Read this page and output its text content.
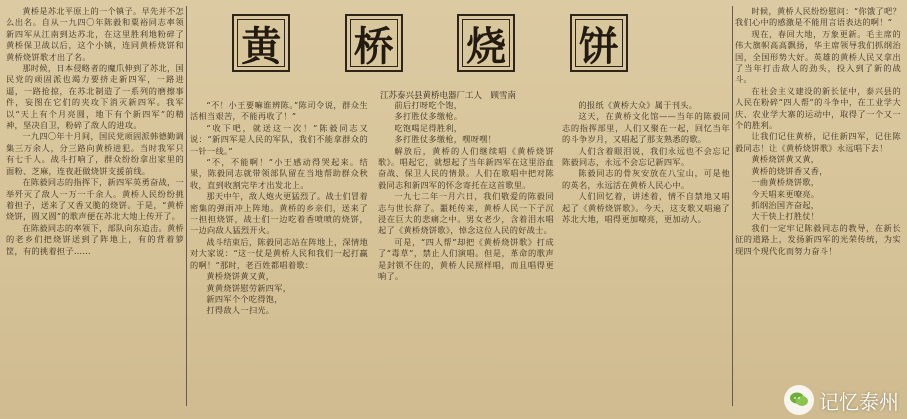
黄桥是苏北平原上的一个镇子。早先并不怎么出名。自从一九四〇年陈毅和粟裕同志率领新四军从江南到达苏北，在这里胜利地粉碎了黄桥保卫战以后，这个小镇，连同黄桥烧饼和黄桥烧饼歌才出了名。

那时候，日本侵略者的魔爪伸到了苏北，国民党的顽固派也竭力要挤走新四军，一路进逼，一路抢掠，在苏北制造了一系列的磨擦事件，妄图在它们的夹攻下消灭新四军。我军以“天上有个月亮圆，地下有个新四军”的精神，坚决自卫，粉碎了敌人的进攻。

一九四〇年十月间，国民党顽固派韩德勤调集三万余人，分三路向黄桥进犯。当时我军只有七千人。战斗打响了，群众纷纷拿出家里的面粉、芝麻，连夜赶做烧饼支援前线。

在陈毅同志的指挥下，新四军英勇奋战，一举歼灭了敌人一万一千余人。黄桥人民纷纷挑着担子，送来了又香又脆的烧饼。于是，“黄桥烧饼，圆又圆”的歌声便在苏北大地上传开了。

在陈毅同志的率领下，部队向东追击。黄桥的老乡们把烧饼送到了阵地上，有的背着箩筐，有的挑着担子……

黄 桥 烧 饼
江苏泰兴县黄桥电器厂工人　顾雪南

“不！小王要嘛谁辨陈。”陈司令说，群众生活相当艰苦，不能再收了！”

“收下吧，就送这一次！”陈毅同志又说：“新四军是人民的军队，我们不能拿群众的一针一线。”

“不，不能啊！”小王感动得哭起来。结果，陈毅同志就带领部队留在当地帮助群众秋收，直到收割完毕才出发北上。

那天中午，敌人炮火更猛烈了。战士们冒着密集的弹雨冲上阵地。黄桥的乡亲们，送来了一担担烧饼，战士们一边吃着香喷喷的烧饼，一边向敌人猛烈开火。

战斗结束后，陈毅同志站在阵地上，深情地对大家说：“这一仗是黄桥人民和我们一起打赢的啊！”那时，老百姓都唱着歌：

黄桥烧饼黄又黄，

黄黄烧饼慰劳新四军，

新四军个个吃得饱，

打得敌人一扫光。

前后打呀吃个饱，

多打胜仗多缴枪。

吃饱喝足得胜利，

多打胜仗多缴枪，嘿呀嘿！

解放后，黄桥的人们继续唱《黄桥烧饼歌》。唱起它，就想起了当年新四军在这里浴血奋战、保卫人民的情景。人们在歌唱中把对陈毅同志和新四军的怀念寄托在这首歌里。

一九七二年一月六日，我们敬爱的陈毅同志与世长辞了。噩耗传来，黄桥人民一下子沉浸在巨大的悲痛之中。男女老少，含着泪水唱起了《黄桥烧饼歌》，悼念这位人民的好战士。

可是，“四人帮”却把《黄桥烧饼歌》打成了“毒草”，禁止人们演唱。但是，革命的歌声是封锁不住的，黄桥人民照样唱，而且唱得更响了。

的报纸《黄桥大众》属于刊头。

这天，在黄桥文化馆——当年的陈毅同志的指挥部里，人们又聚在一起，回忆当年的斗争岁月，又唱起了那支熟悉的歌。

人们含着眼泪说，我们永远也不会忘记陈毅同志，永远不会忘记新四军。

陈毅同志的骨灰安放在八宝山，可是他的英名，永远活在黄桥人民心中。

人们回忆着，讲述着，情不自禁地又唱起了《黄桥烧饼歌》。今天，这支歌又唱遍了苏北大地，唱得更加嘹亮，更加动人。

时候，黄桥人民纷纷慰问：“你饿了吧？我们心中的感激是不能用言语表达的啊！”

现在，春回大地，万象更新。毛主席的伟大旗帜高高飘扬，华主席领导我们抓纲治国，全国形势大好。英雄的黄桥人民又拿出了当年打击敌人的劲头，投入到了新的战斗。

在社会主义建设的新长征中，泰兴县的人民在粉碎“四人帮”的斗争中，在工业学大庆、农业学大寨的运动中，取得了一个又一个的胜利。

让我们记住黄桥，记住新四军，记住陈毅同志！让《黄桥烧饼歌》永远唱下去！

黄桥烧饼黄又黄，

黄桥的烧饼香又香，

一曲黄桥烧饼歌，

今天唱来更嘹亮。

抓纲治国齐奋起，

大干快上打胜仗！

我们一定牢记陈毅同志的教导，在新长征的道路上，发扬新四军的光荣传统，为实现四个现代化而努力奋斗！

记忆泰州
